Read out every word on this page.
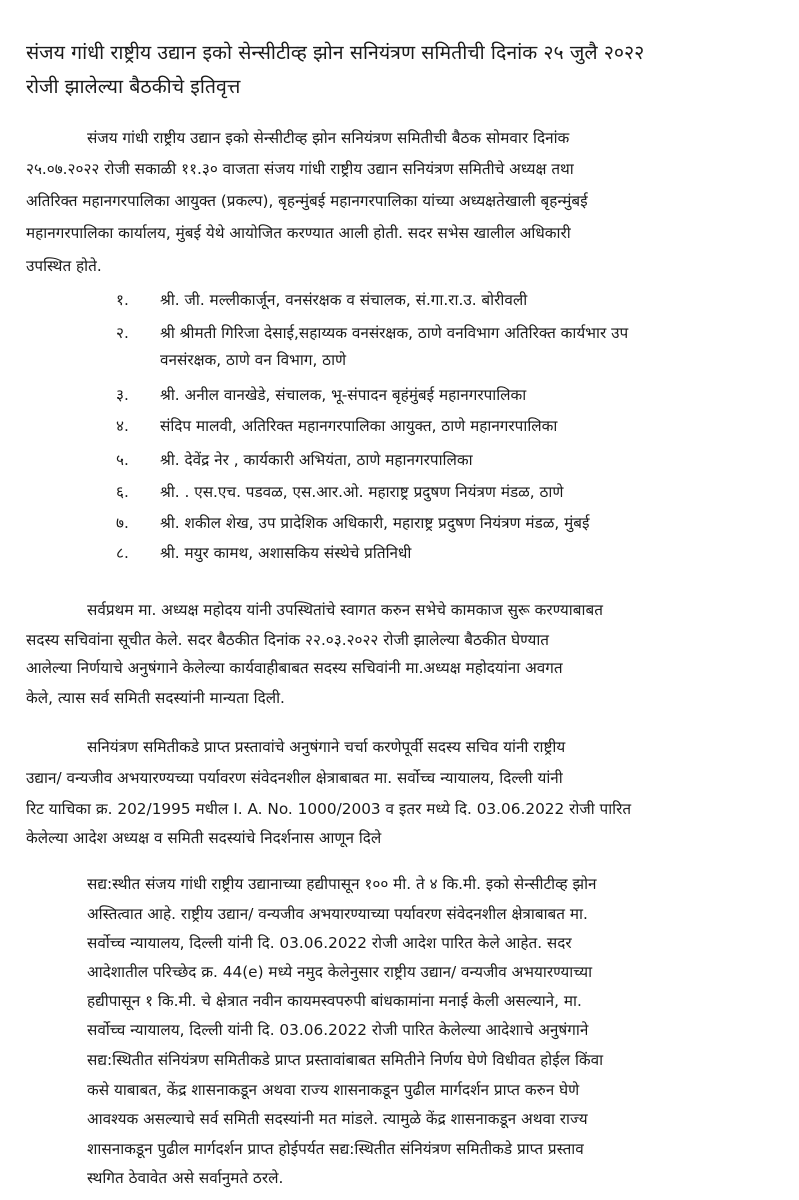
संजय गांधी राष्ट्रीय उद्यान इको सेन्सीटीव्ह झोन सनियंत्रण समितीची दिनांक २५ जुलै २०२२
रोजी झालेल्या बैठकीचे इतिवृत्त
संजय गांधी राष्ट्रीय उद्यान इको सेन्सीटीव्ह झोन सनियंत्रण समितीची बैठक सोमवार दिनांक
२५.०७.२०२२ रोजी सकाळी ११.३० वाजता संजय गांधी राष्ट्रीय उद्यान सनियंत्रण समितीचे अध्यक्ष तथा
अतिरिक्त महानगरपालिका आयुक्त (प्रकल्प), बृहन्मुंबई महानगरपालिका यांच्या अध्यक्षतेखाली बृहन्मुंबई
महानगरपालिका कार्यालय, मुंबई येथे आयोजित करण्यात आली होती. सदर सभेस खालील अधिकारी
उपस्थित होते.
१. श्री. जी. मल्लीकार्जून, वनसंरक्षक व संचालक, सं.गा.रा.उ. बोरीवली
२. श्री श्रीमती गिरिजा देसाई,सहाय्यक वनसंरक्षक, ठाणे वनविभाग अतिरिक्त कार्यभार उप
वनसंरक्षक, ठाणे वन विभाग, ठाणे
३. श्री. अनील वानखेडे, संचालक, भू-संपादन बृहंमुंबई महानगरपालिका
४. संदिप मालवी, अतिरिक्त महानगरपालिका आयुक्त, ठाणे महानगरपालिका
५. श्री. देवेंद्र नेर , कार्यकारी अभियंता, ठाणे महानगरपालिका
६. श्री. . एस.एच. पडवळ, एस.आर.ओ. महाराष्ट्र प्रदुषण नियंत्रण मंडळ, ठाणे
७. श्री. शकील शेख, उप प्रादेशिक अधिकारी, महाराष्ट्र प्रदुषण नियंत्रण मंडळ, मुंबई
८. श्री. मयुर कामथ, अशासकिय संस्थेचे प्रतिनिधी
सर्वप्रथम मा. अध्यक्ष महोदय यांनी उपस्थितांचे स्वागत करुन सभेचे कामकाज सुरू करण्याबाबत
सदस्य सचिवांना सूचीत केले. सदर बैठकीत दिनांक २२.०३.२०२२ रोजी झालेल्या बैठकीत घेण्यात
आलेल्या निर्णयाचे अनुषंगाने केलेल्या कार्यवाहीबाबत सदस्य सचिवांनी मा.अध्यक्ष महोदयांना अवगत
केले, त्यास सर्व समिती सदस्यांनी मान्यता दिली.
सनियंत्रण समितीकडे प्राप्त प्रस्तावांचे अनुषंगाने चर्चा करणेपूर्वी सदस्य सचिव यांनी राष्ट्रीय
उद्यान/ वन्यजीव अभयारण्यच्या पर्यावरण संवेदनशील क्षेत्राबाबत मा. सर्वोच्च न्यायालय, दिल्ली यांनी
रिट याचिका क्र. 202/1995 मधील I. A. No. 1000/2003 व इतर मध्ये दि. 03.06.2022 रोजी पारित
केलेल्या आदेश अध्यक्ष व समिती सदस्यांचे निदर्शनास आणून दिले
सद्य:स्थीत संजय गांधी राष्ट्रीय उद्यानाच्या हद्यीपासून १०० मी. ते ४ कि.मी. इको सेन्सीटीव्ह झोन
अस्तित्वात आहे. राष्ट्रीय उद्यान/ वन्यजीव अभयारण्याच्या पर्यावरण संवेदनशील क्षेत्राबाबत मा.
सर्वोच्च न्यायालय, दिल्ली यांनी दि. 03.06.2022 रोजी आदेश पारित केले आहेत. सदर
आदेशातील परिच्छेद क्र. 44(e) मध्ये नमुद केलेनुसार राष्ट्रीय उद्यान/ वन्यजीव अभयारण्याच्या
हद्यीपासून १ कि.मी. चे क्षेत्रात नवीन कायमस्वपरुपी बांधकामांना मनाई केली असल्याने, मा.
सर्वोच्च न्यायालय, दिल्ली यांनी दि. 03.06.2022 रोजी पारित केलेल्या आदेशाचे अनुषंगाने
सद्य:स्थितीत संनियंत्रण समितीकडे प्राप्त प्रस्तावांबाबत समितीने निर्णय घेणे विधीवत होईल किंवा
कसे याबाबत, केंद्र शासनाकडून अथवा राज्य शासनाकडून पुढील मार्गदर्शन प्राप्त करुन घेणे
आवश्यक असल्याचे सर्व समिती सदस्यांनी मत मांडले. त्यामुळे केंद्र शासनाकडून अथवा राज्य
शासनाकडून पुढील मार्गदर्शन प्राप्त होईपर्यत सद्य:स्थितीत संनियंत्रण समितीकडे प्राप्त प्रस्ताव
स्थगित ठेवावेत असे सर्वानुमते ठरले.
